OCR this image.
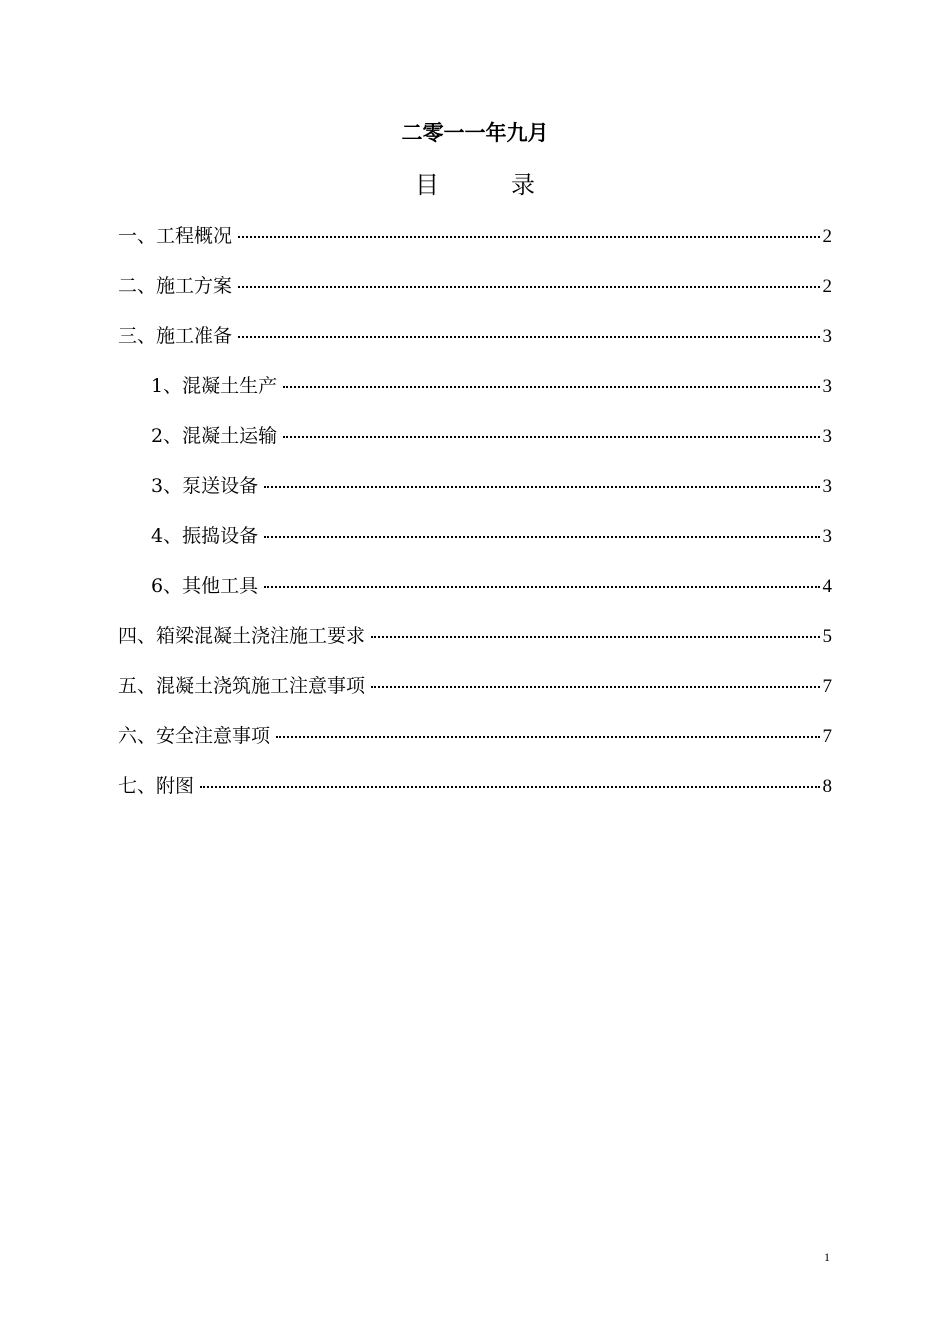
二零一一年九月
目	录
一、工程概况	2
二、施工方案	2
三、施工准备	3
1、混凝土生产	3
2、混凝土运输	3
3、泵送设备	3
4、振捣设备	3
6、其他工具	4
四、箱梁混凝土浇注施工要求	5
五、混凝土浇筑施工注意事项	7
六、安全注意事项	7
七、附图	8
1
